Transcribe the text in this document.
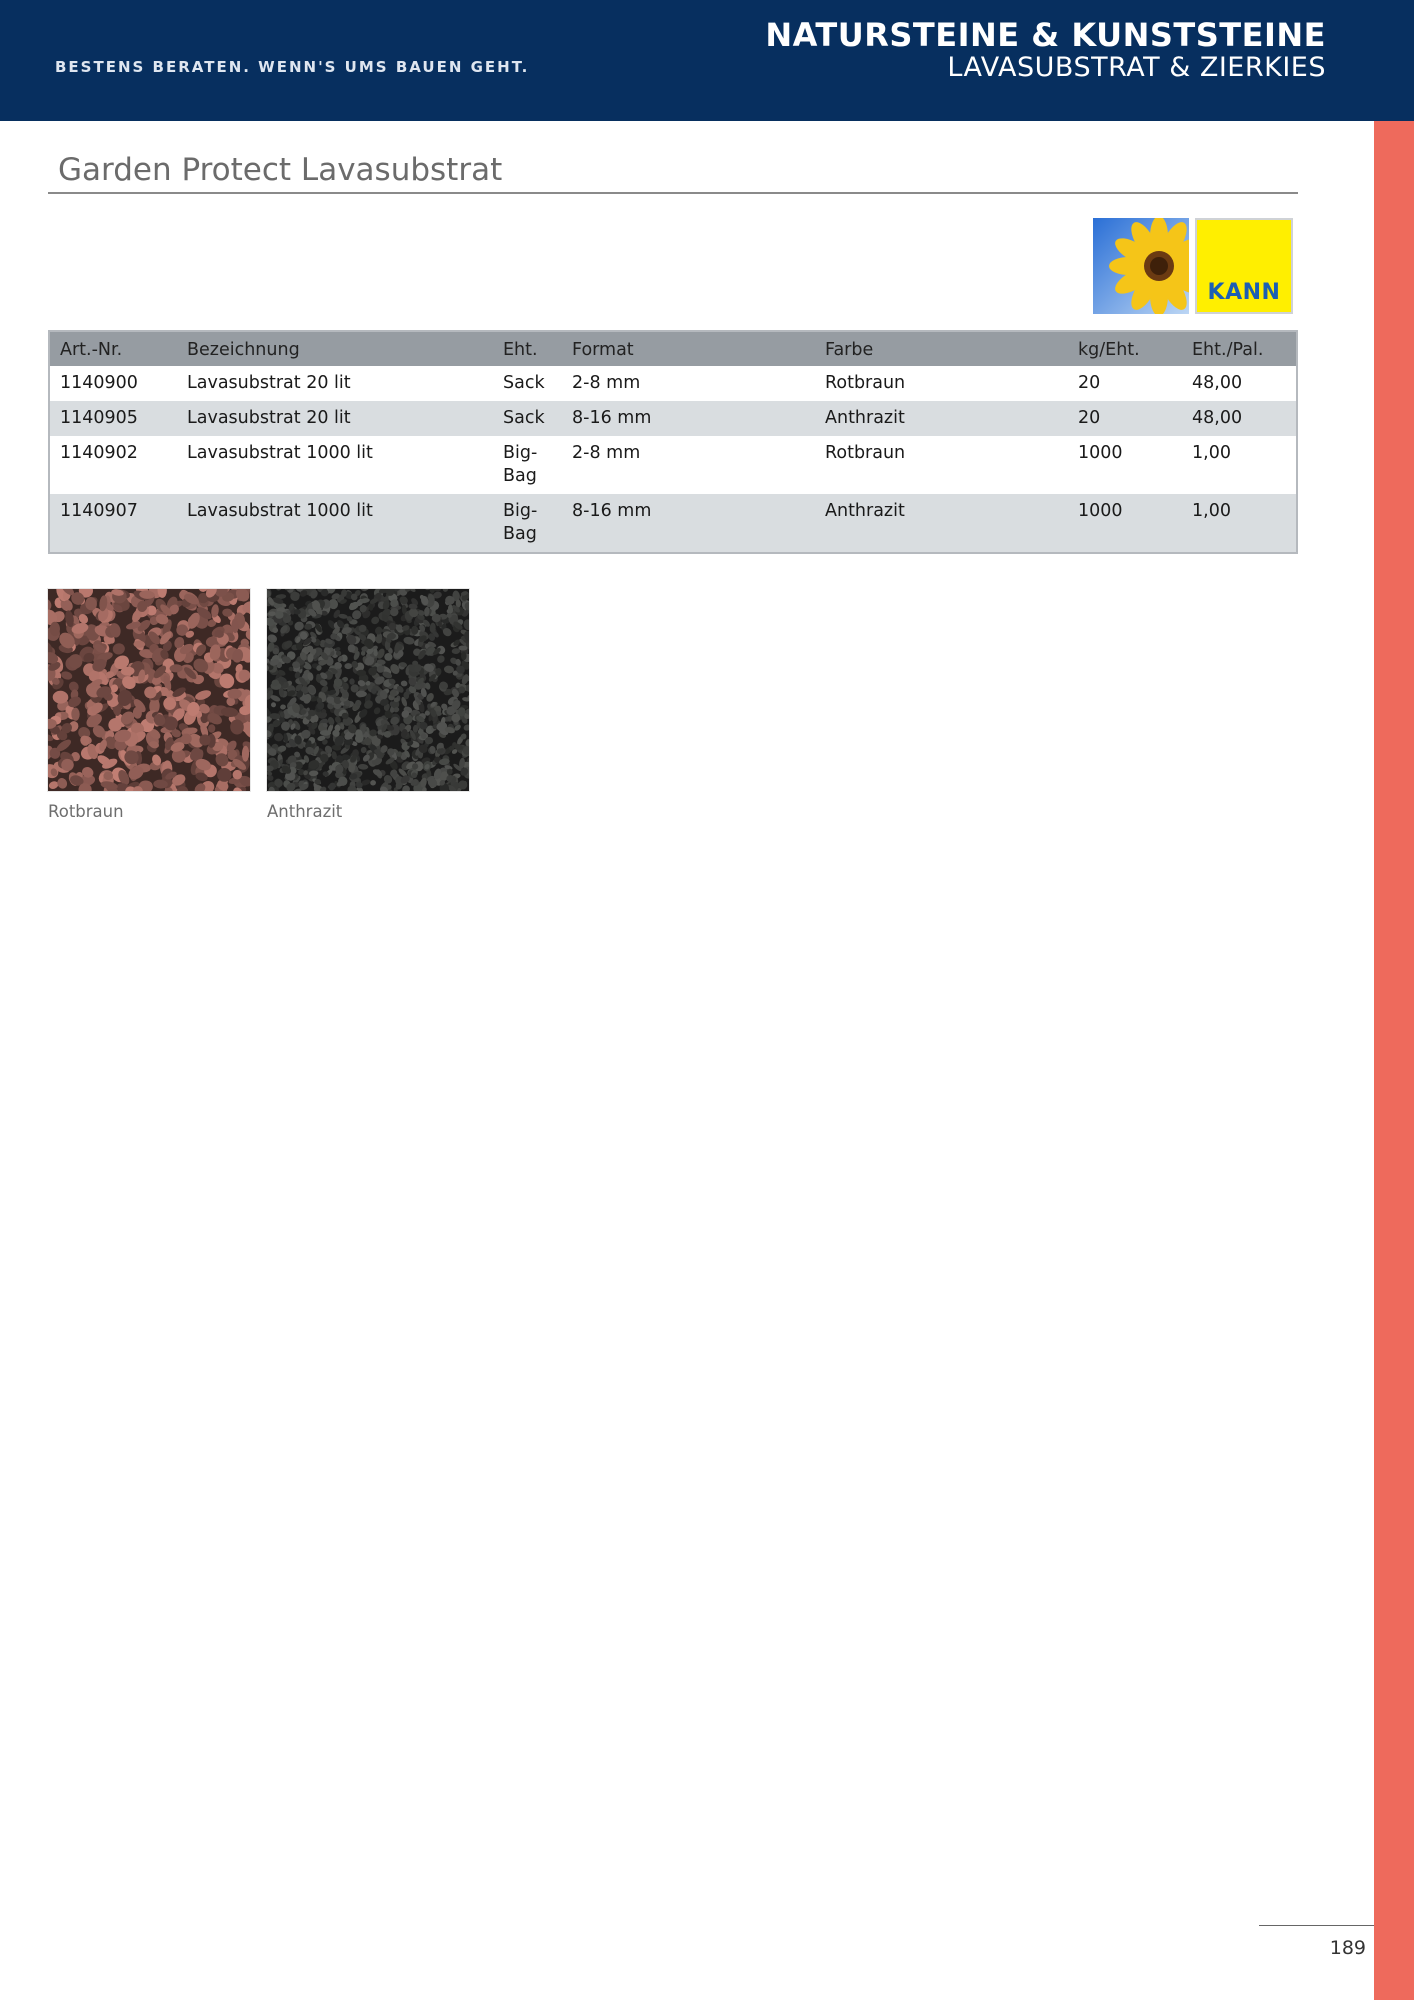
BESTENS BERATEN. WENN'S UMS BAUEN GEHT.
NATURSTEINE & KUNSTSTEINE
LAVASUBSTRAT & ZIERKIES
Garden Protect Lavasubstrat
KANN
Art.-Nr.	Bezeichnung	Eht.	Format	Farbe	kg/Eht.	Eht./Pal.
1140900	Lavasubstrat 20 lit	Sack	2-8 mm	Rotbraun	20	48,00
1140905	Lavasubstrat 20 lit	Sack	8-16 mm	Anthrazit	20	48,00
1140902	Lavasubstrat 1000 lit	Big-Bag	2-8 mm	Rotbraun	1000	1,00
1140907	Lavasubstrat 1000 lit	Big-Bag	8-16 mm	Anthrazit	1000	1,00
Rotbraun	Anthrazit
189
